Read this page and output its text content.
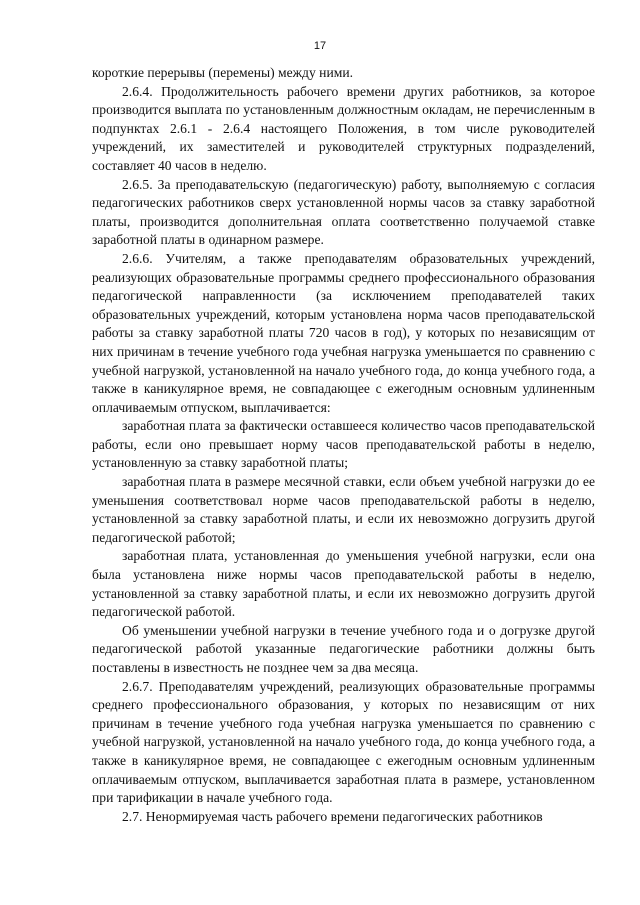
17

короткие перерывы (перемены) между ними.

2.6.4. Продолжительность рабочего времени других работников, за которое производится выплата по установленным должностным окладам, не перечисленным в подпунктах 2.6.1 - 2.6.4 настоящего Положения, в том числе руководителей учреждений, их заместителей и руководителей структурных подразделений, составляет 40 часов в неделю.

2.6.5. За преподавательскую (педагогическую) работу, выполняемую с согласия педагогических работников сверх установленной нормы часов за ставку заработной платы, производится дополнительная оплата соответственно получаемой ставке заработной платы в одинарном размере.

2.6.6. Учителям, а также преподавателям образовательных учреждений, реализующих образовательные программы среднего профессионального образования педагогической направленности (за исключением преподавателей таких образовательных учреждений, которым установлена норма часов преподавательской работы за ставку заработной платы 720 часов в год), у которых по независящим от них причинам в течение учебного года учебная нагрузка уменьшается по сравнению с учебной нагрузкой, установленной на начало учебного года, до конца учебного года, а также в каникулярное время, не совпадающее с ежегодным основным удлиненным оплачиваемым отпуском, выплачивается:

заработная плата за фактически оставшееся количество часов преподавательской работы, если оно превышает норму часов преподавательской работы в неделю, установленную за ставку заработной платы;

заработная плата в размере месячной ставки, если объем учебной нагрузки до ее уменьшения соответствовал норме часов преподавательской работы в неделю, установленной за ставку заработной платы, и если их невозможно догрузить другой педагогической работой;

заработная плата, установленная до уменьшения учебной нагрузки, если она была установлена ниже нормы часов преподавательской работы в неделю, установленной за ставку заработной платы, и если их невозможно догрузить другой педагогической работой.

Об уменьшении учебной нагрузки в течение учебного года и о догрузке другой педагогической работой указанные педагогические работники должны быть поставлены в известность не позднее чем за два месяца.

2.6.7. Преподавателям учреждений, реализующих образовательные программы среднего профессионального образования, у которых по независящим от них причинам в течение учебного года учебная нагрузка уменьшается по сравнению с учебной нагрузкой, установленной на начало учебного года, до конца учебного года, а также в каникулярное время, не совпадающее с ежегодным основным удлиненным оплачиваемым отпуском, выплачивается заработная плата в размере, установленном при тарификации в начале учебного года.

2.7. Ненормируемая часть рабочего времени педагогических работников
